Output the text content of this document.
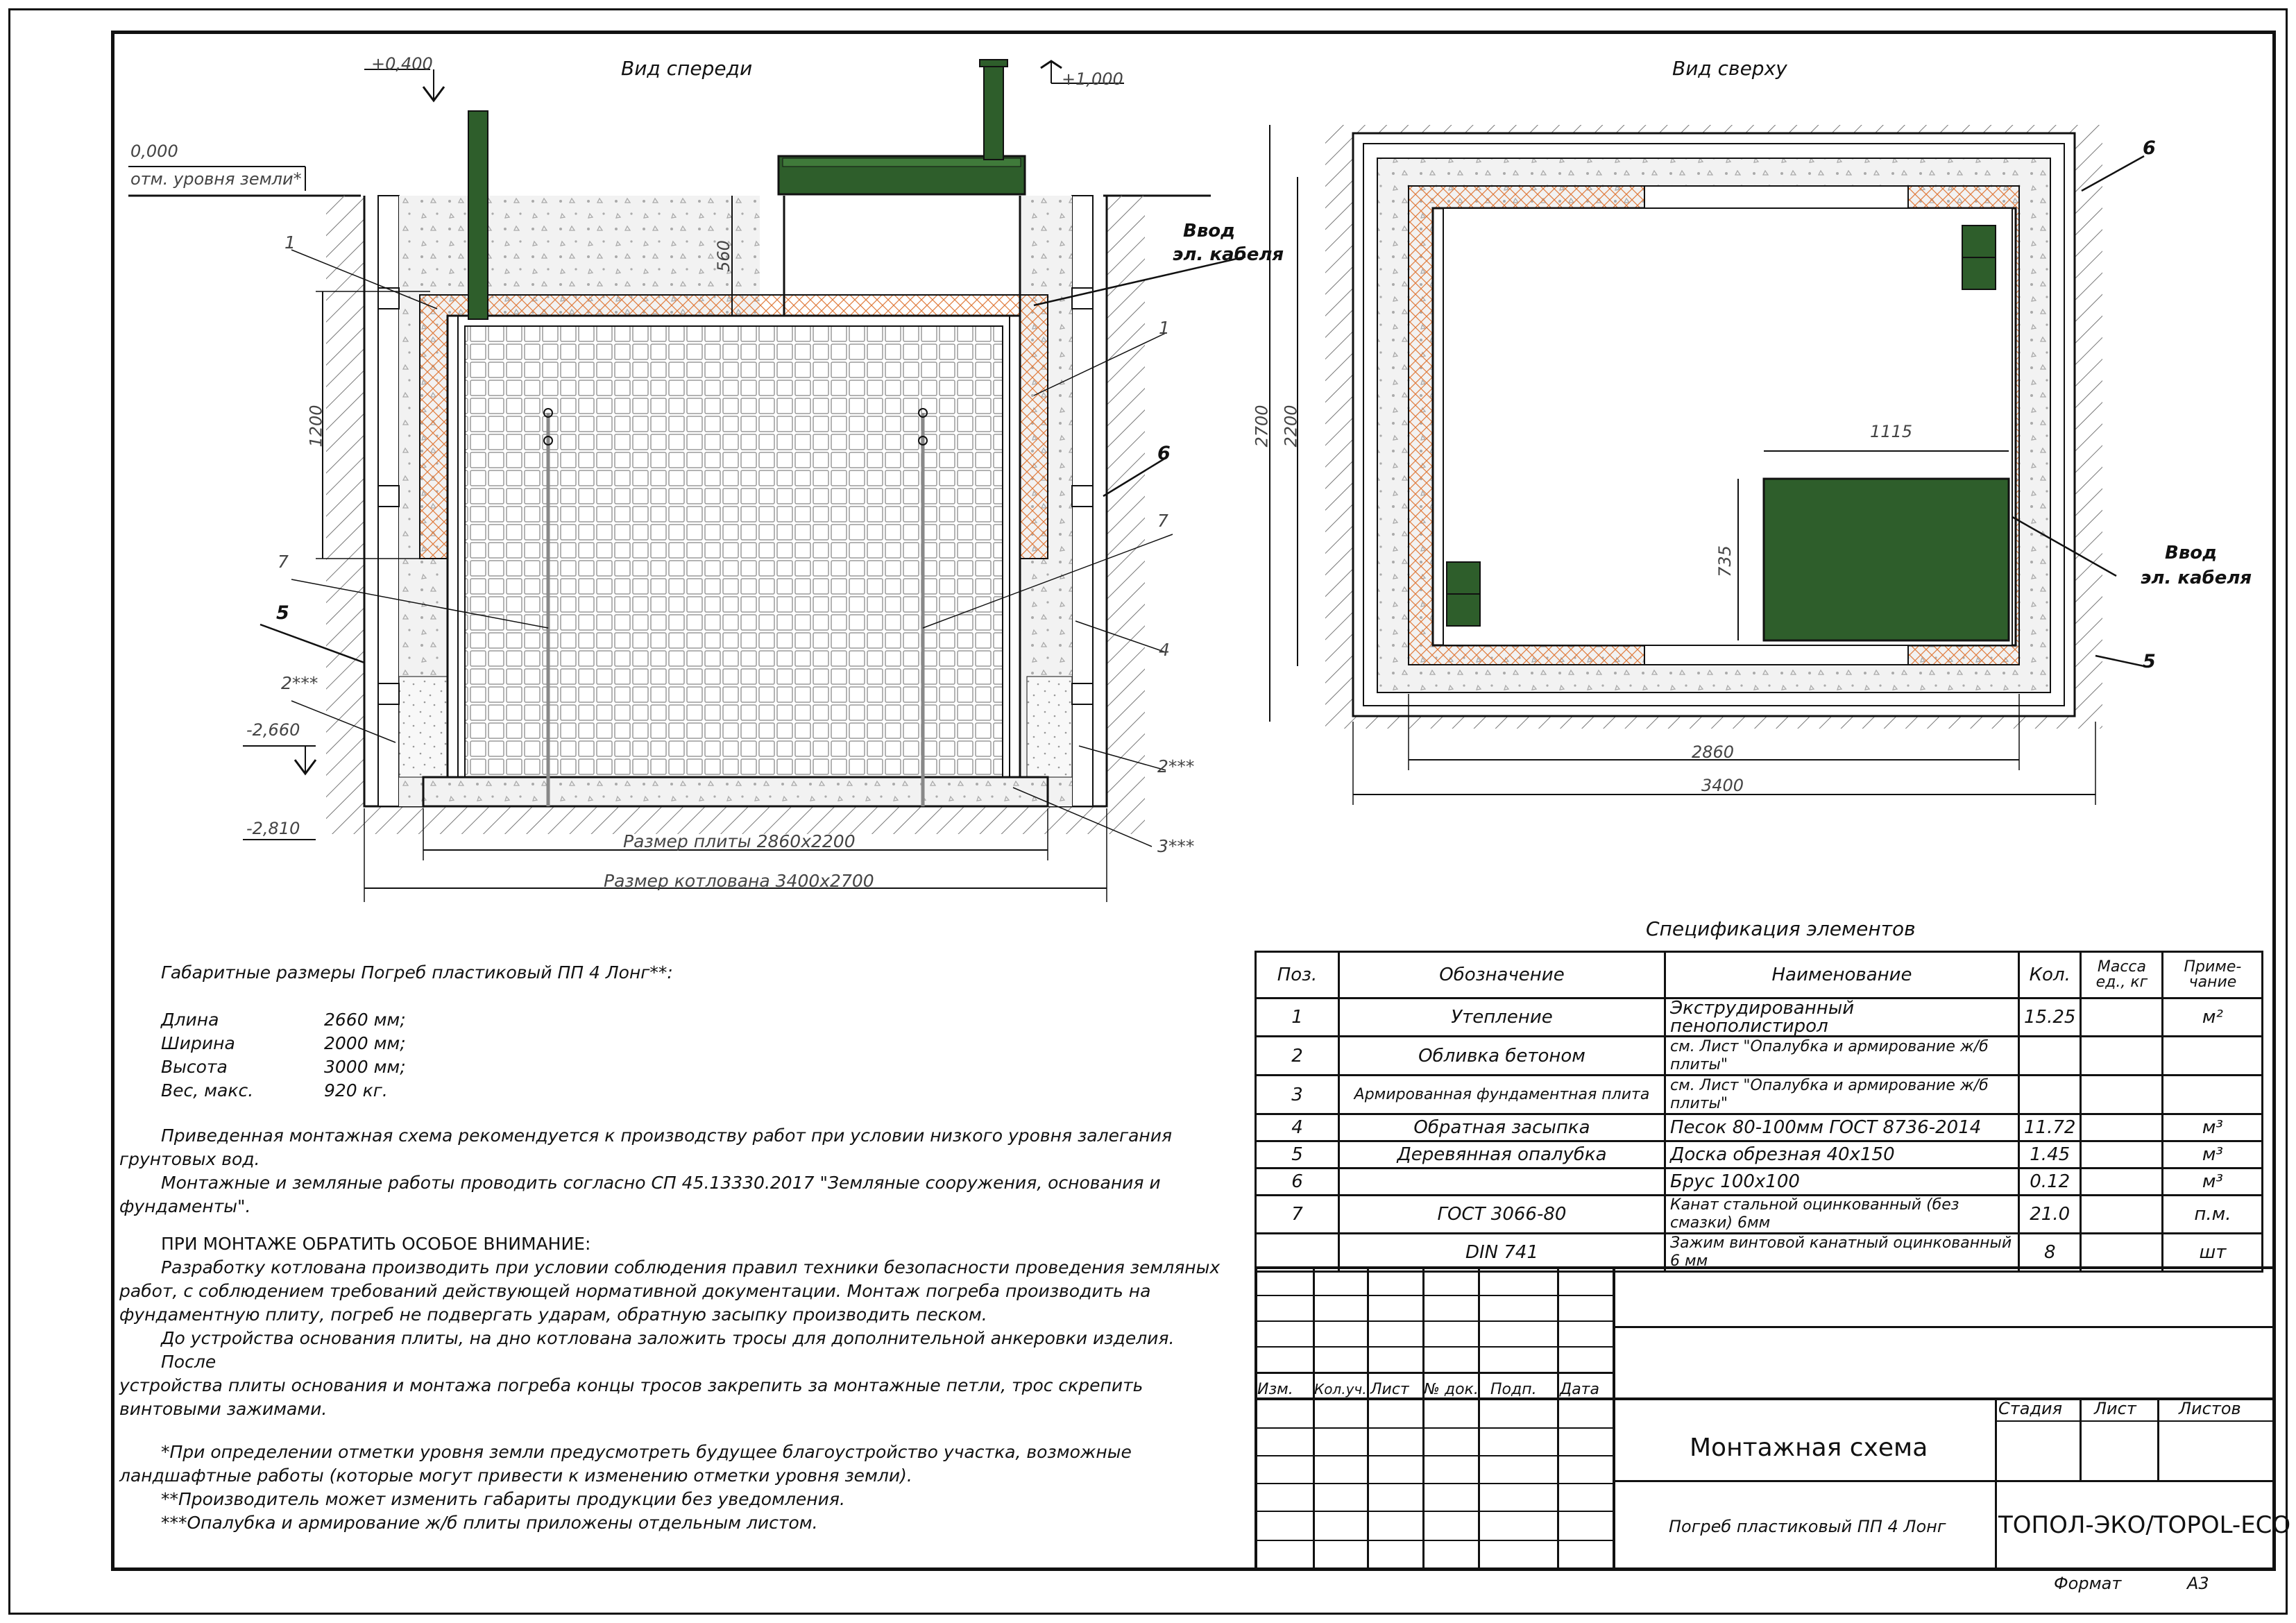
Вид спереди
0,000
отм. уровня земли*
+0,400
+1,000
-2,660
-2,810
560
1200
Размер плиты 2860x2200
Размер котлована 3400x2700
Ввод
эл. кабеля
1
1
6
7
7
5
4
2***
2***
3***
Вид сверху
2700 2200	1115
735
2860
3400
Ввод
эл. кабеля
6
5
Габаритные размеры Погреб пластиковый ПП 4 Лонг**:
Длина	2660 мм;
Ширина	2000 мм;
Высота	3000 мм;
Вес, макс.	920 кг.
Приведенная монтажная схема рекомендуется к производству работ при условии низкого уровня залегания
грунтовых вод.
Монтажные и земляные работы проводить согласно СП 45.13330.2017 "Земляные сооружения, основания и
фундаменты".
ПРИ МОНТАЖЕ ОБРАТИТЬ ОСОБОЕ ВНИМАНИЕ:
Разработку котлована производить при условии соблюдения правил техники безопасности проведения земляных
работ, с соблюдением требований действующей нормативной документации. Монтаж погреба производить на
фундаментную плиту, погреб не подвергать ударам, обратную засыпку производить песком.
До устройства основания плиты, на дно котлована заложить тросы для дополнительной анкеровки изделия. После
устройства плиты основания и монтажа погреба концы тросов закрепить за монтажные петли, трос скрепить
винтовыми зажимами.
*При определении отметки уровня земли предусмотреть будущее благоустройство участка, возможные
ландшафтные работы (которые могут привести к изменению отметки уровня земли).
**Производитель может изменить габариты продукции без уведомления.
***Опалубка и армирование ж/б плиты приложены отдельным листом.
Спецификация элементов
Поз.	Обозначение	Наименование	Кол.	Масса ед., кг	Приме- чание
1	Утепление	Экструдированный пенополистирол	15.25		м²
2	Обливка бетоном	см. Лист "Опалубка и армирование ж/б плиты"			
3	Армированная фундаментная плита	см. Лист "Опалубка и армирование ж/б плиты"			
4	Обратная засыпка	Песок 80-100мм ГОСТ 8736-2014	11.72		м³
5	Деревянная опалубка	Доска обрезная 40х150	1.45		м³
6		Брус 100х100	0.12		м³
7	ГОСТ 3066-80	Канат стальной оцинкованный (без смазки) 6мм	21.0		п.м.
	DIN 741	Зажим винтовой канатный оцинкованный 6 мм	8		шт
Изм. Кол.уч. Лист № док. Подп. Дата
Стадия Лист	Листов
Монтажная схема
Погреб пластиковый ПП 4 Лонг ТОПОЛ-ЭКО/TOPOL-ECO
Формат	А3
